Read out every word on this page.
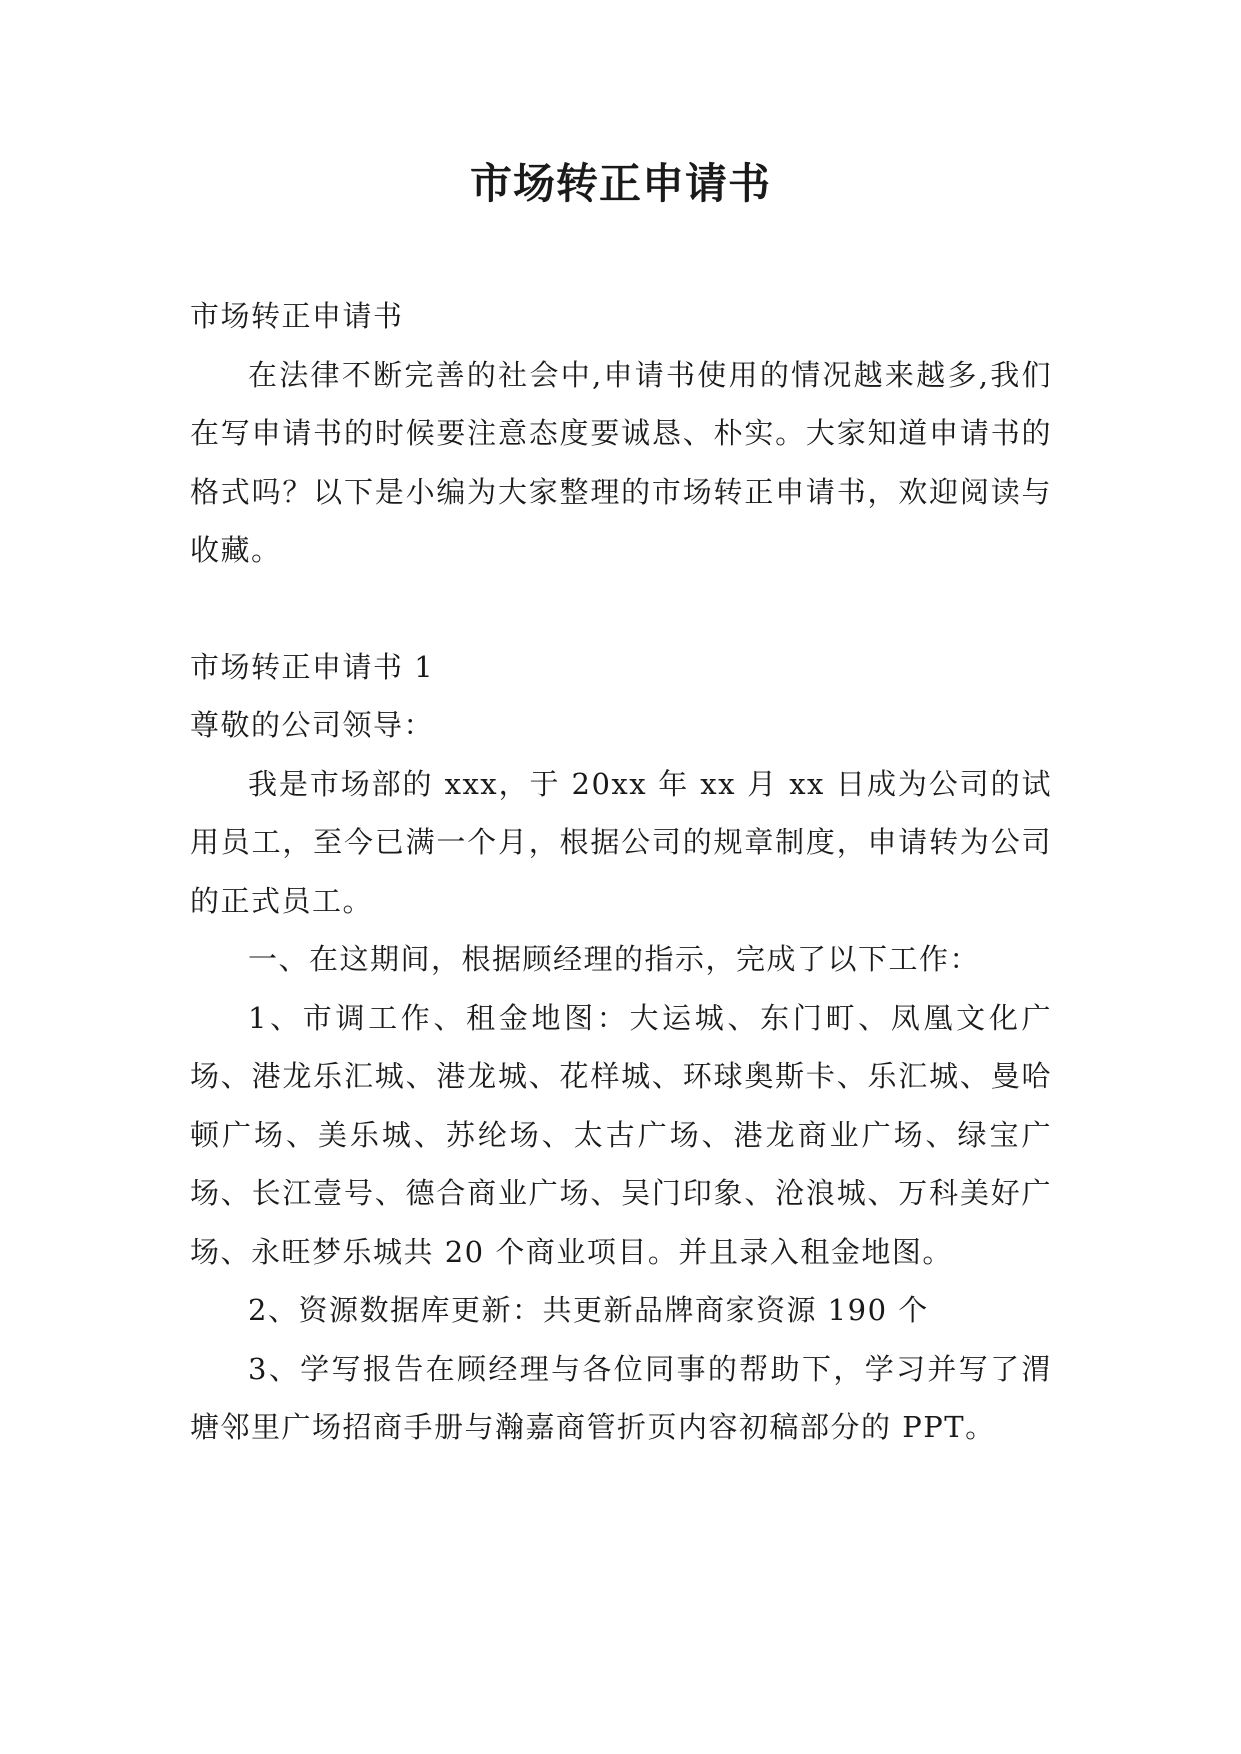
市场转正申请书

市场转正申请书

在法律不断完善的社会中,申请书使用的情况越来越多,我们在写申请书的时候要注意态度要诚恳、朴实。大家知道申请书的格式吗？以下是小编为大家整理的市场转正申请书，欢迎阅读与收藏。

市场转正申请书 1

尊敬的公司领导：

我是市场部的 xxx，于 20xx 年 xx 月 xx 日成为公司的试用员工，至今已满一个月，根据公司的规章制度，申请转为公司的正式员工。

一、在这期间，根据顾经理的指示，完成了以下工作：

1、市调工作、租金地图：大运城、东门町、凤凰文化广场、港龙乐汇城、港龙城、花样城、环球奥斯卡、乐汇城、曼哈顿广场、美乐城、苏纶场、太古广场、港龙商业广场、绿宝广场、长江壹号、德合商业广场、吴门印象、沧浪城、万科美好广场、永旺梦乐城共 20 个商业项目。并且录入租金地图。

2、资源数据库更新：共更新品牌商家资源 190 个

3、学写报告在顾经理与各位同事的帮助下，学习并写了渭塘邻里广场招商手册与瀚嘉商管折页内容初稿部分的 PPT。
